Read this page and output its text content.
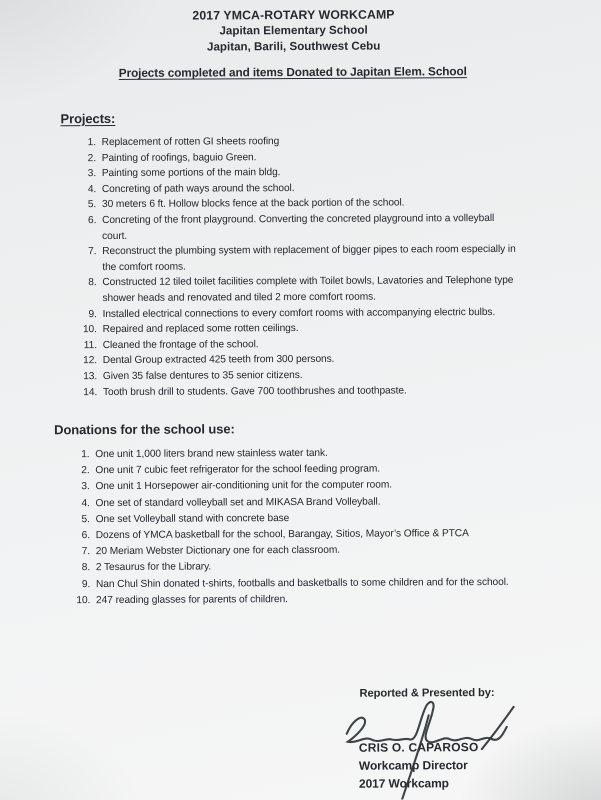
2017 YMCA-ROTARY WORKCAMP
Japitan Elementary School
Japitan, Barili, Southwest Cebu
Projects completed and items Donated to Japitan Elem. School
Projects:
1. Replacement of rotten GI sheets roofing
2. Painting of roofings, baguio Green.
3. Painting some portions of the main bldg.
4. Concreting of path ways around the school.
5. 30 meters 6 ft. Hollow blocks fence at the back portion of the school.
6. Concreting of the front playground. Converting the concreted playground into a volleyball court.
7. Reconstruct the plumbing system with replacement of bigger pipes to each room especially in the comfort rooms.
8. Constructed 12 tiled toilet facilities complete with Toilet bowls, Lavatories and Telephone type shower heads and renovated and tiled 2 more comfort rooms.
9. Installed electrical connections to every comfort rooms with accompanying electric bulbs.
10. Repaired and replaced some rotten ceilings.
11. Cleaned the frontage of the school.
12. Dental Group extracted 425 teeth from 300 persons.
13. Given 35 false dentures to 35 senior citizens.
14. Tooth brush drill to students. Gave 700 toothbrushes and toothpaste.
Donations for the school use:
1. One unit 1,000 liters brand new stainless water tank.
2. One unit 7 cubic feet refrigerator for the school feeding program.
3. One unit 1 Horsepower air-conditioning unit for the computer room.
4. One set of standard volleyball set and MIKASA Brand Volleyball.
5. One set Volleyball stand with concrete base
6. Dozens of YMCA basketball for the school, Barangay, Sitios, Mayor’s Office & PTCA
7. 20 Meriam Webster Dictionary one for each classroom.
8. 2 Tesaurus for the Library.
9. Nan Chul Shin donated t-shirts, footballs and basketballs to some children and for the school.
10. 247 reading glasses for parents of children.
Reported & Presented by:
CRIS O. CAPAROSO
Workcamp Director
2017 Workcamp
